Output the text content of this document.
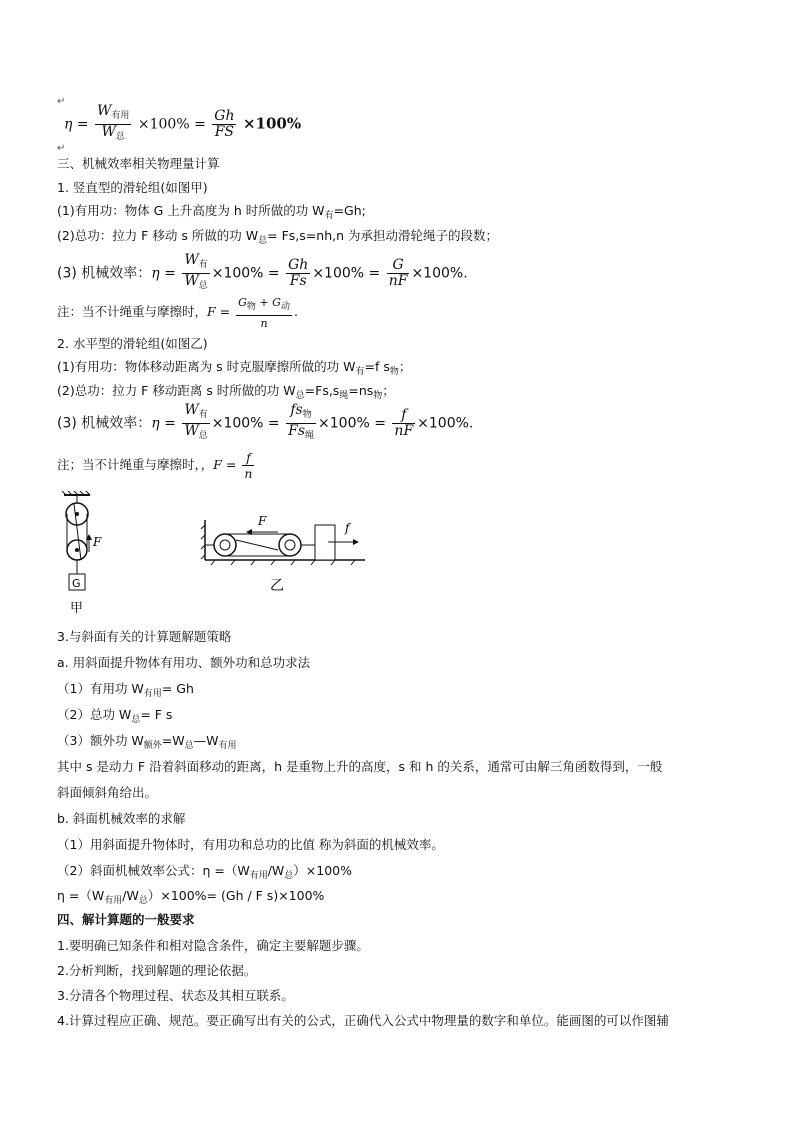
↵
$\eta = \frac{W_{有用}}{W_总} \times 100\% = \frac{Gh}{FS} \times 100\%$
↵
三、机械效率相关物理量计算
1. 竖直型的滑轮组(如图甲)
(1)有用功：物体 G 上升高度为 h 时所做的功 $W_有=Gh$;
(2)总功：拉力 F 移动 s 所做的功 $W_总= Fs,s=nh,n$ 为承担动滑轮绳子的段数；
(3) 机械效率：$\eta = \frac{W_有}{W_总} \times 100\% = \frac{Gh}{Fs} \times 100\% = \frac{G}{nF} \times 100\%$.
注：当不计绳重与摩擦时，$F = \frac{G_物 + G_动}{n}$ .
2. 水平型的滑轮组(如图乙)
(1)有用功：物体移动距离为 s 时克服摩擦所做的功 $W_有=f$ $s_物$；
(2)总功：拉力 F 移动距离 s 时所做的功 $W_总=Fs,s_绳=ns_物$；
(3) 机械效率：$\eta = \frac{W_有}{W_总} \times 100\% = \frac{fs_物}{Fs_绳} \times 100\% = \frac{f}{nF} \times 100\%$.
注；当不计绳重与摩擦时，，$F = \frac{f}{n}$
F
G
甲
F	f
乙
3.与斜面有关的计算题解题策略
a. 用斜面提升物体有用功、额外功和总功求法
（1）有用功 $W_{有用}= Gh$
（2）总功 $W_总= F$ s
（3）额外功 $W_{额外}=W_总—W_{有用}$
其中 s 是动力 F 沿着斜面移动的距离，h 是重物上升的高度，s 和 h 的关系，通常可由解三角函数得到，一般
斜面倾斜角给出。
b. 斜面机械效率的求解
（1）用斜面提升物体时，有用功和总功的比值 称为斜面的机械效率。
（2）斜面机械效率公式：$\eta =(W_{有用}/W_总)\times 100\%$
$\eta =(W_{有用}/W_总)\times 100\%= (Gh / F$ s)×100%
四、解计算题的一般要求
1.要明确已知条件和相对隐含条件，确定主要解题步骤。
2.分析判断，找到解题的理论依据。
3.分清各个物理过程、状态及其相互联系。
4.计算过程应正确、规范。要正确写出有关的公式，正确代入公式中物理量的数字和单位。能画图的可以作图辅
